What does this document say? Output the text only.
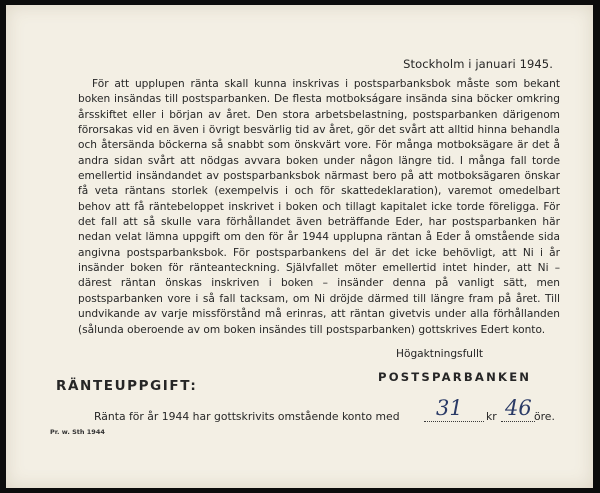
Stockholm i januari 1945.

För att upplupen ränta skall kunna inskrivas i postsparbanksbok måste som bekant boken insändas till postsparbanken. De flesta motbokságare insända sina böcker omkring årsskiftet eller i början av året. Den stora arbetsbelastning, postsparbanken därigenom förorsakas vid en även i övrigt besvärlig tid av året, gör det svårt att alltid hinna behandla och återsända böckerna så snabbt som önskvärt vore. För många motboksägare är det å andra sidan svårt att nödgas avvara boken under någon längre tid. I många fall torde emellertid insändandet av postsparbanksbok närmast bero på att motboksägaren önskar få veta räntans storlek (exempelvis i och för skattedeklaration), varemot omedelbart behov att få räntebeloppet inskrivet i boken och tillagt kapitalet icke torde föreligga. För det fall att så skulle vara förhållandet även beträffande Eder, har postsparbanken här nedan velat lämna uppgift om den för år 1944 upplupna räntan å Eder å omstående sida angivna postsparbanksbok. För postsparbankens del är det icke behövligt, att Ni i år insänder boken för ränteanteckning. Självfallet möter emellertid intet hinder, att Ni – därest räntan önskas inskriven i boken – insänder denna på vanligt sätt, men postsparbanken vore i så fall tacksam, om Ni dröjde därmed till längre fram på året. Till undvikande av varje missförstånd må erinras, att räntan givetvis under alla förhållanden (sålunda oberoende av om boken insändes till postsparbanken) gottskrives Edert konto.

Högaktningsfullt
POSTSPARBANKEN
RÄNTEUPPGIFT:
Ränta för år 1944 har gottskrivits omstående konto med 31 kr 46 öre.
Pr. w. Sth 1944
